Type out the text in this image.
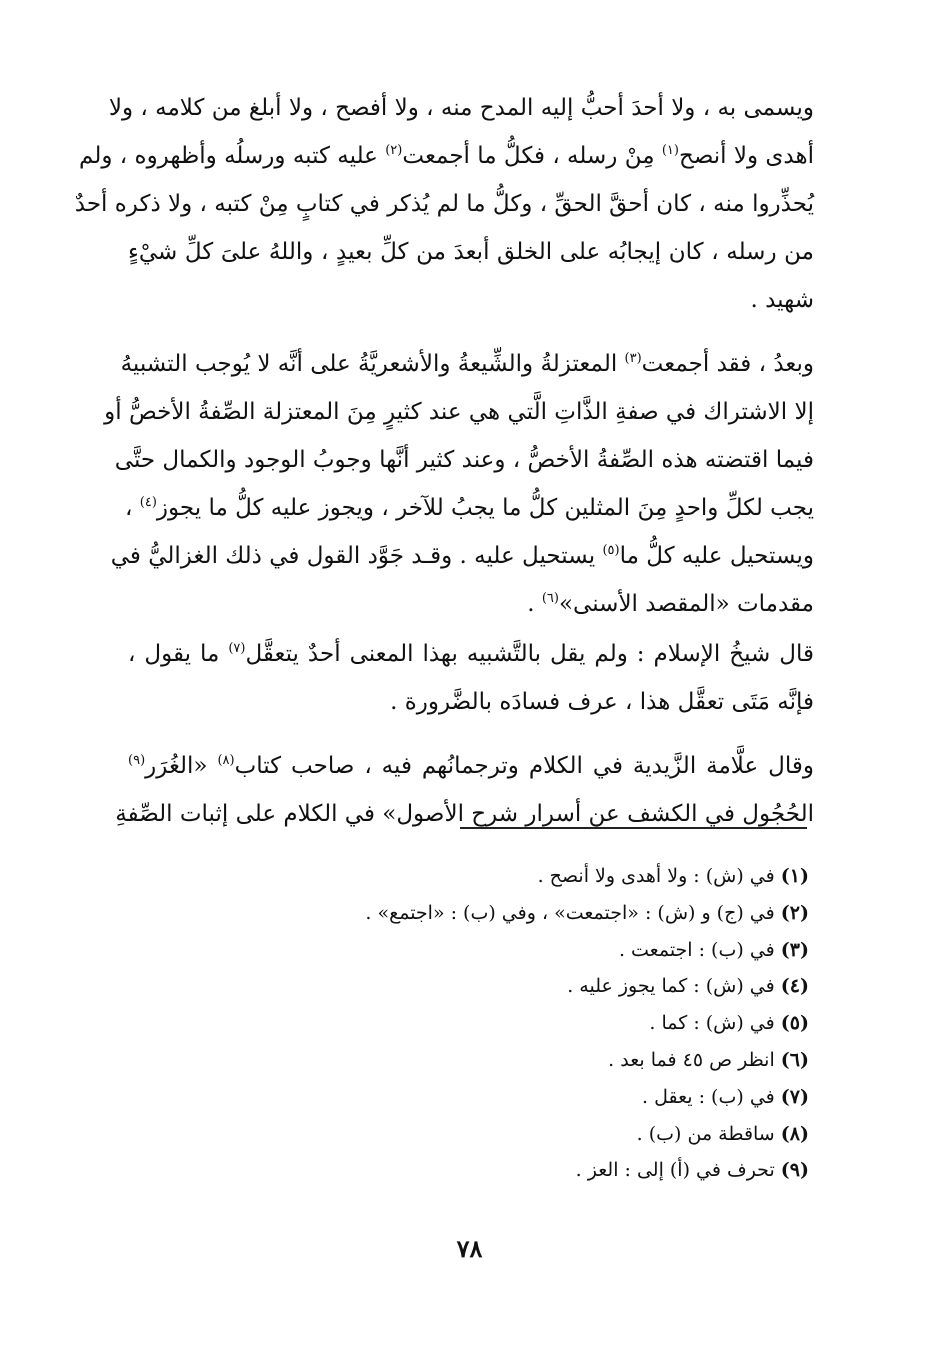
ويسمى به ، ولا أحدَ أحبُّ إليه المدح منه ، ولا أفصح ، ولا أبلغ من كلامه ، ولا
أهدى ولا أنصح$^{(١)}$ مِنْ رسله ، فكلُّ ما أجمعت$^{(٢)}$ عليه كتبه ورسلُه وأظهروه ، ولم
يُحذِّروا منه ، كان أحقَّ الحقِّ ، وكلُّ ما لم يُذكر في كتابٍ مِنْ كتبه ، ولا ذكره أحدٌ
من رسله ، كان إيجابُه على الخلق أبعدَ من كلِّ بعيدٍ ، واللهُ علىَ كلِّ شيْءٍ
شهيد .
وبعدُ ، فقد أجمعت$^{(٣)}$ المعتزلةُ والشِّيعةُ والأشعريَّةُ على أنَّه لا يُوجب التشبيهُ
إلا الاشتراك في صفةِ الذَّاتِ الَّتي هي عند كثيرٍ مِنَ المعتزلة الصِّفةُ الأخصُّ أو
فيما اقتضته هذه الصِّفةُ الأخصُّ ، وعند كثير أنَّها وجوبُ الوجود والكمال حتَّى
يجب لكلِّ واحدٍ مِنَ المثلين كلُّ ما يجبُ للآخر ، ويجوز عليه كلُّ ما يجوز$^{(٤)}$ ،
ويستحيل عليه كلُّ ما$^{(٥)}$ يستحيل عليه . وقـد جَوَّد القول في ذلك الغزاليُّ في
مقدمات «المقصد الأسنى»$^{(٦)}$ .
قال شيخُ الإسلام : ولم يقل بالتَّشبيه بهذا المعنى أحدٌ يتعقَّل$^{(٧)}$ ما يقول ،
فإنَّه مَتَى تعقَّل هذا ، عرف فسادَه بالضَّرورة .
وقال علَّامة الزَّيدية في الكلام وترجمانُهم فيه ، صاحب كتاب$^{(٨)}$ «الغُرَر$^{(٩)}$
الحُجُول في الكشف عن أسرار شرح الأصول» في الكلام على إثبات الصِّفةِ
(١) في (ش) : ولا أهدى ولا أنصح .
(٢) في (ج) و (ش) : «اجتمعت» ، وفي (ب) : «اجتمع» .
(٣) في (ب) : اجتمعت .
(٤) في (ش) : كما يجوز عليه .
(٥) في (ش) : كما .
(٦) انظر ص ٤٥ فما بعد .
(٧) في (ب) : يعقل .
(٨) ساقطة من (ب) .
(٩) تحرف في (أ) إلى : العز .
٧٨
